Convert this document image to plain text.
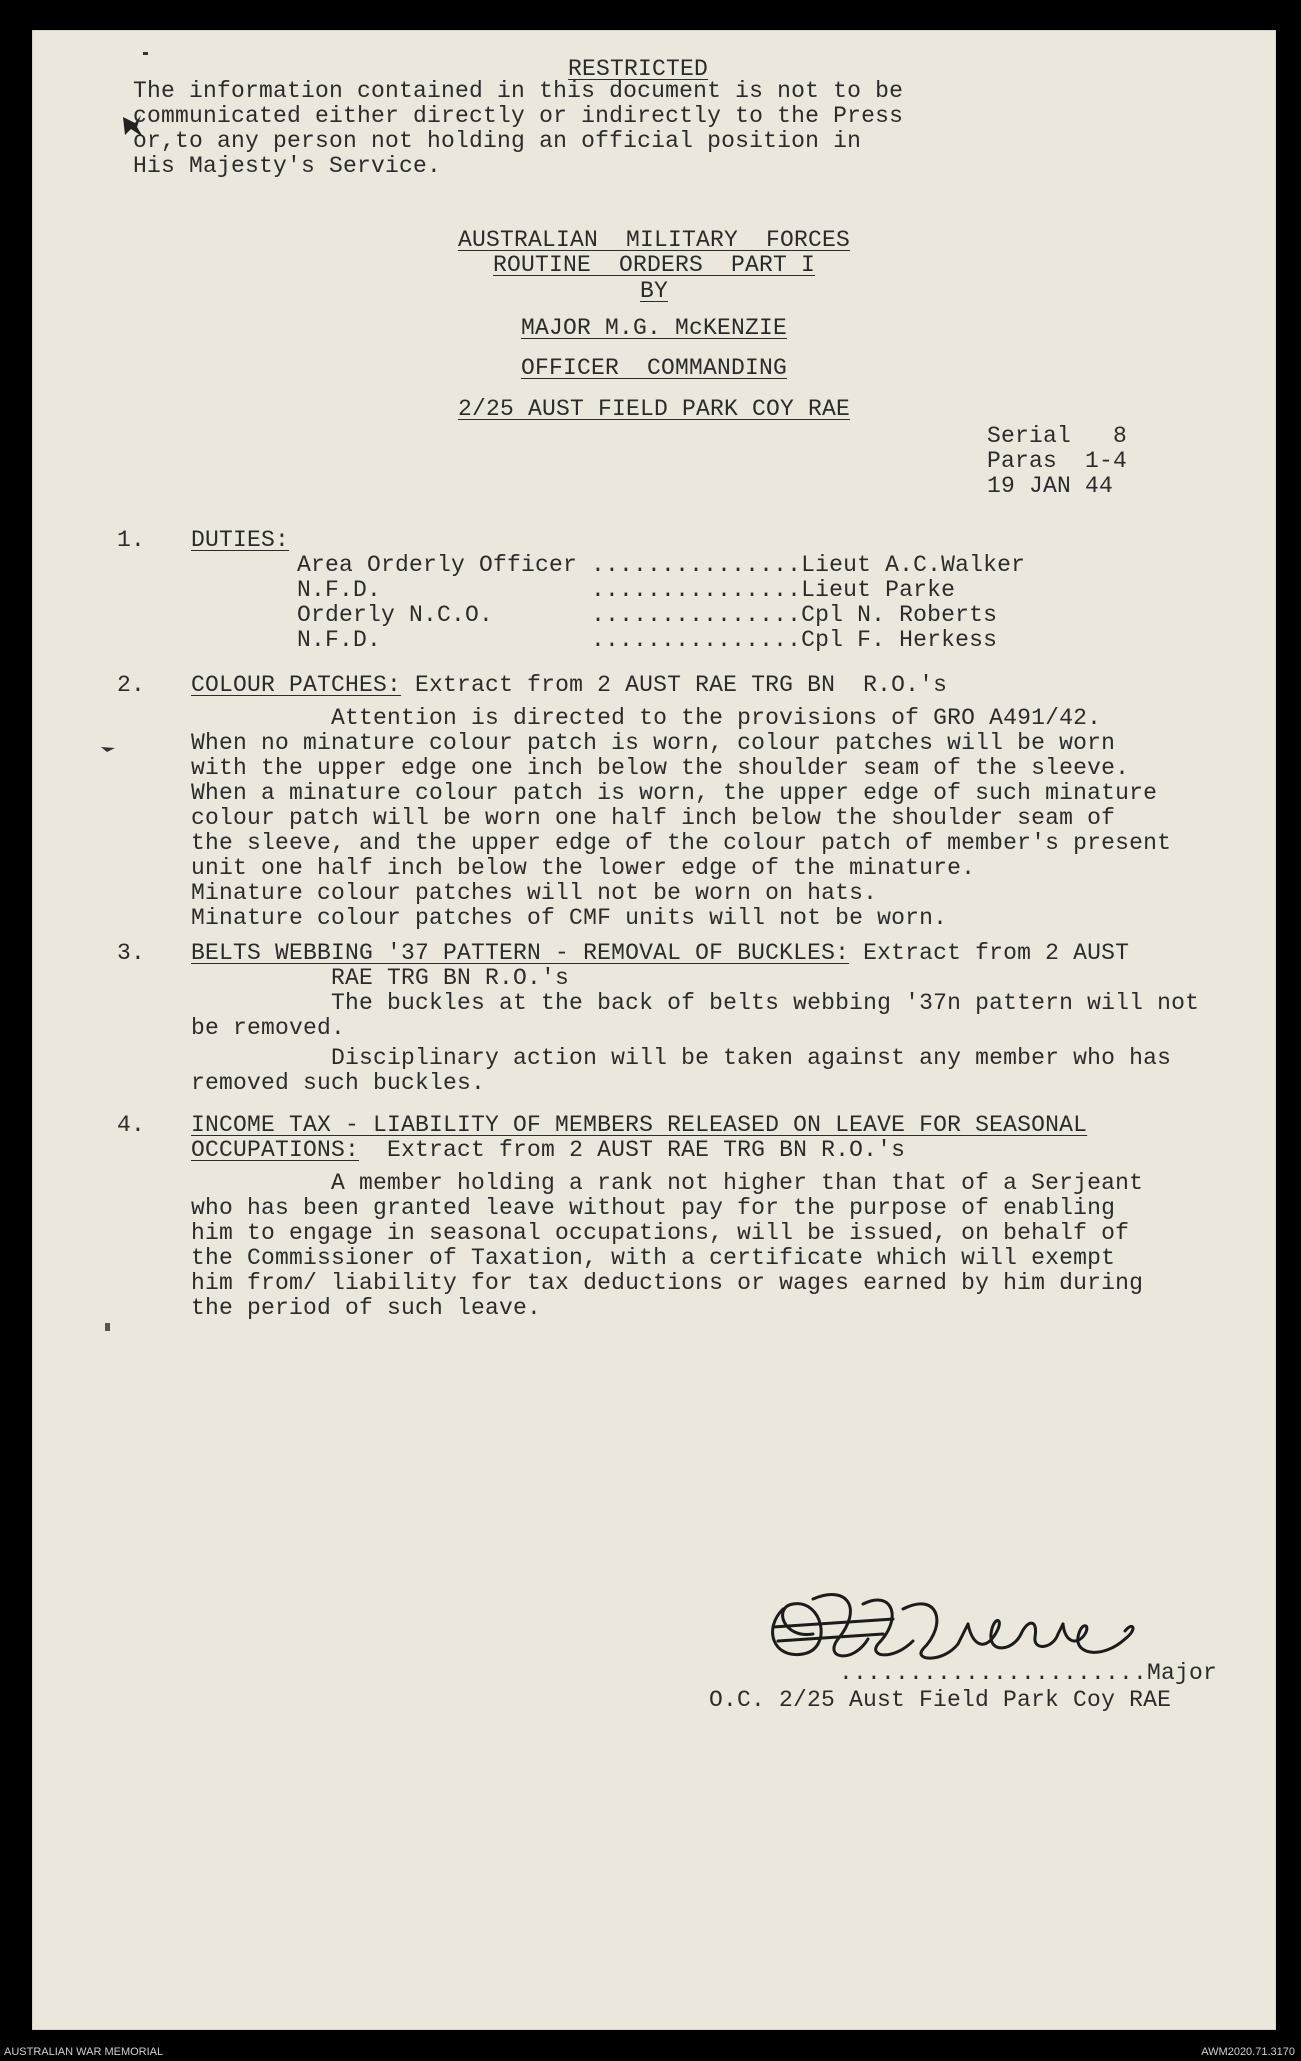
RESTRICTED
The information contained in this document is not to be
communicated either directly or indirectly to the Press
or,to any person not holding an official position in
His Majesty's Service.
AUSTRALIAN  MILITARY  FORCES
ROUTINE  ORDERS  PART I
BY
MAJOR M.G. McKENZIE
OFFICER  COMMANDING
2/25 AUST FIELD PARK COY RAE
Serial   8
Paras  1-4
19 JAN 44
1. DUTIES:
Area Orderly Officer ...............Lieut A.C.Walker
N.F.D.               ...............Lieut Parke
Orderly N.C.O.       ...............Cpl N. Roberts
N.F.D.               ...............Cpl F. Herkess
2. COLOUR PATCHES: Extract from 2 AUST RAE TRG BN  R.O.'s
Attention is directed to the provisions of GRO A491/42.
When no minature colour patch is worn, colour patches will be worn
with the upper edge one inch below the shoulder seam of the sleeve.
When a minature colour patch is worn, the upper edge of such minature
colour patch will be worn one half inch below the shoulder seam of
the sleeve, and the upper edge of the colour patch of member's present
unit one half inch below the lower edge of the minature.
Minature colour patches will not be worn on hats.
Minature colour patches of CMF units will not be worn.
3. BELTS WEBBING '37 PATTERN - REMOVAL OF BUCKLES: Extract from 2 AUST
RAE TRG BN R.O.'s
The buckles at the back of belts webbing '37n pattern will not
be removed.
Disciplinary action will be taken against any member who has
removed such buckles.
4. INCOME TAX - LIABILITY OF MEMBERS RELEASED ON LEAVE FOR SEASONAL
OCCUPATIONS:  Extract from 2 AUST RAE TRG BN R.O.'s
A member holding a rank not higher than that of a Serjeant
who has been granted leave without pay for the purpose of enabling
him to engage in seasonal occupations, will be issued, on behalf of
the Commissioner of Taxation, with a certificate which will exempt
him from/ liability for tax deductions or wages earned by him during
the period of such leave.
......................Major
O.C. 2/25 Aust Field Park Coy RAE
AUSTRALIAN WAR MEMORIAL	AWM2020.71.3170
